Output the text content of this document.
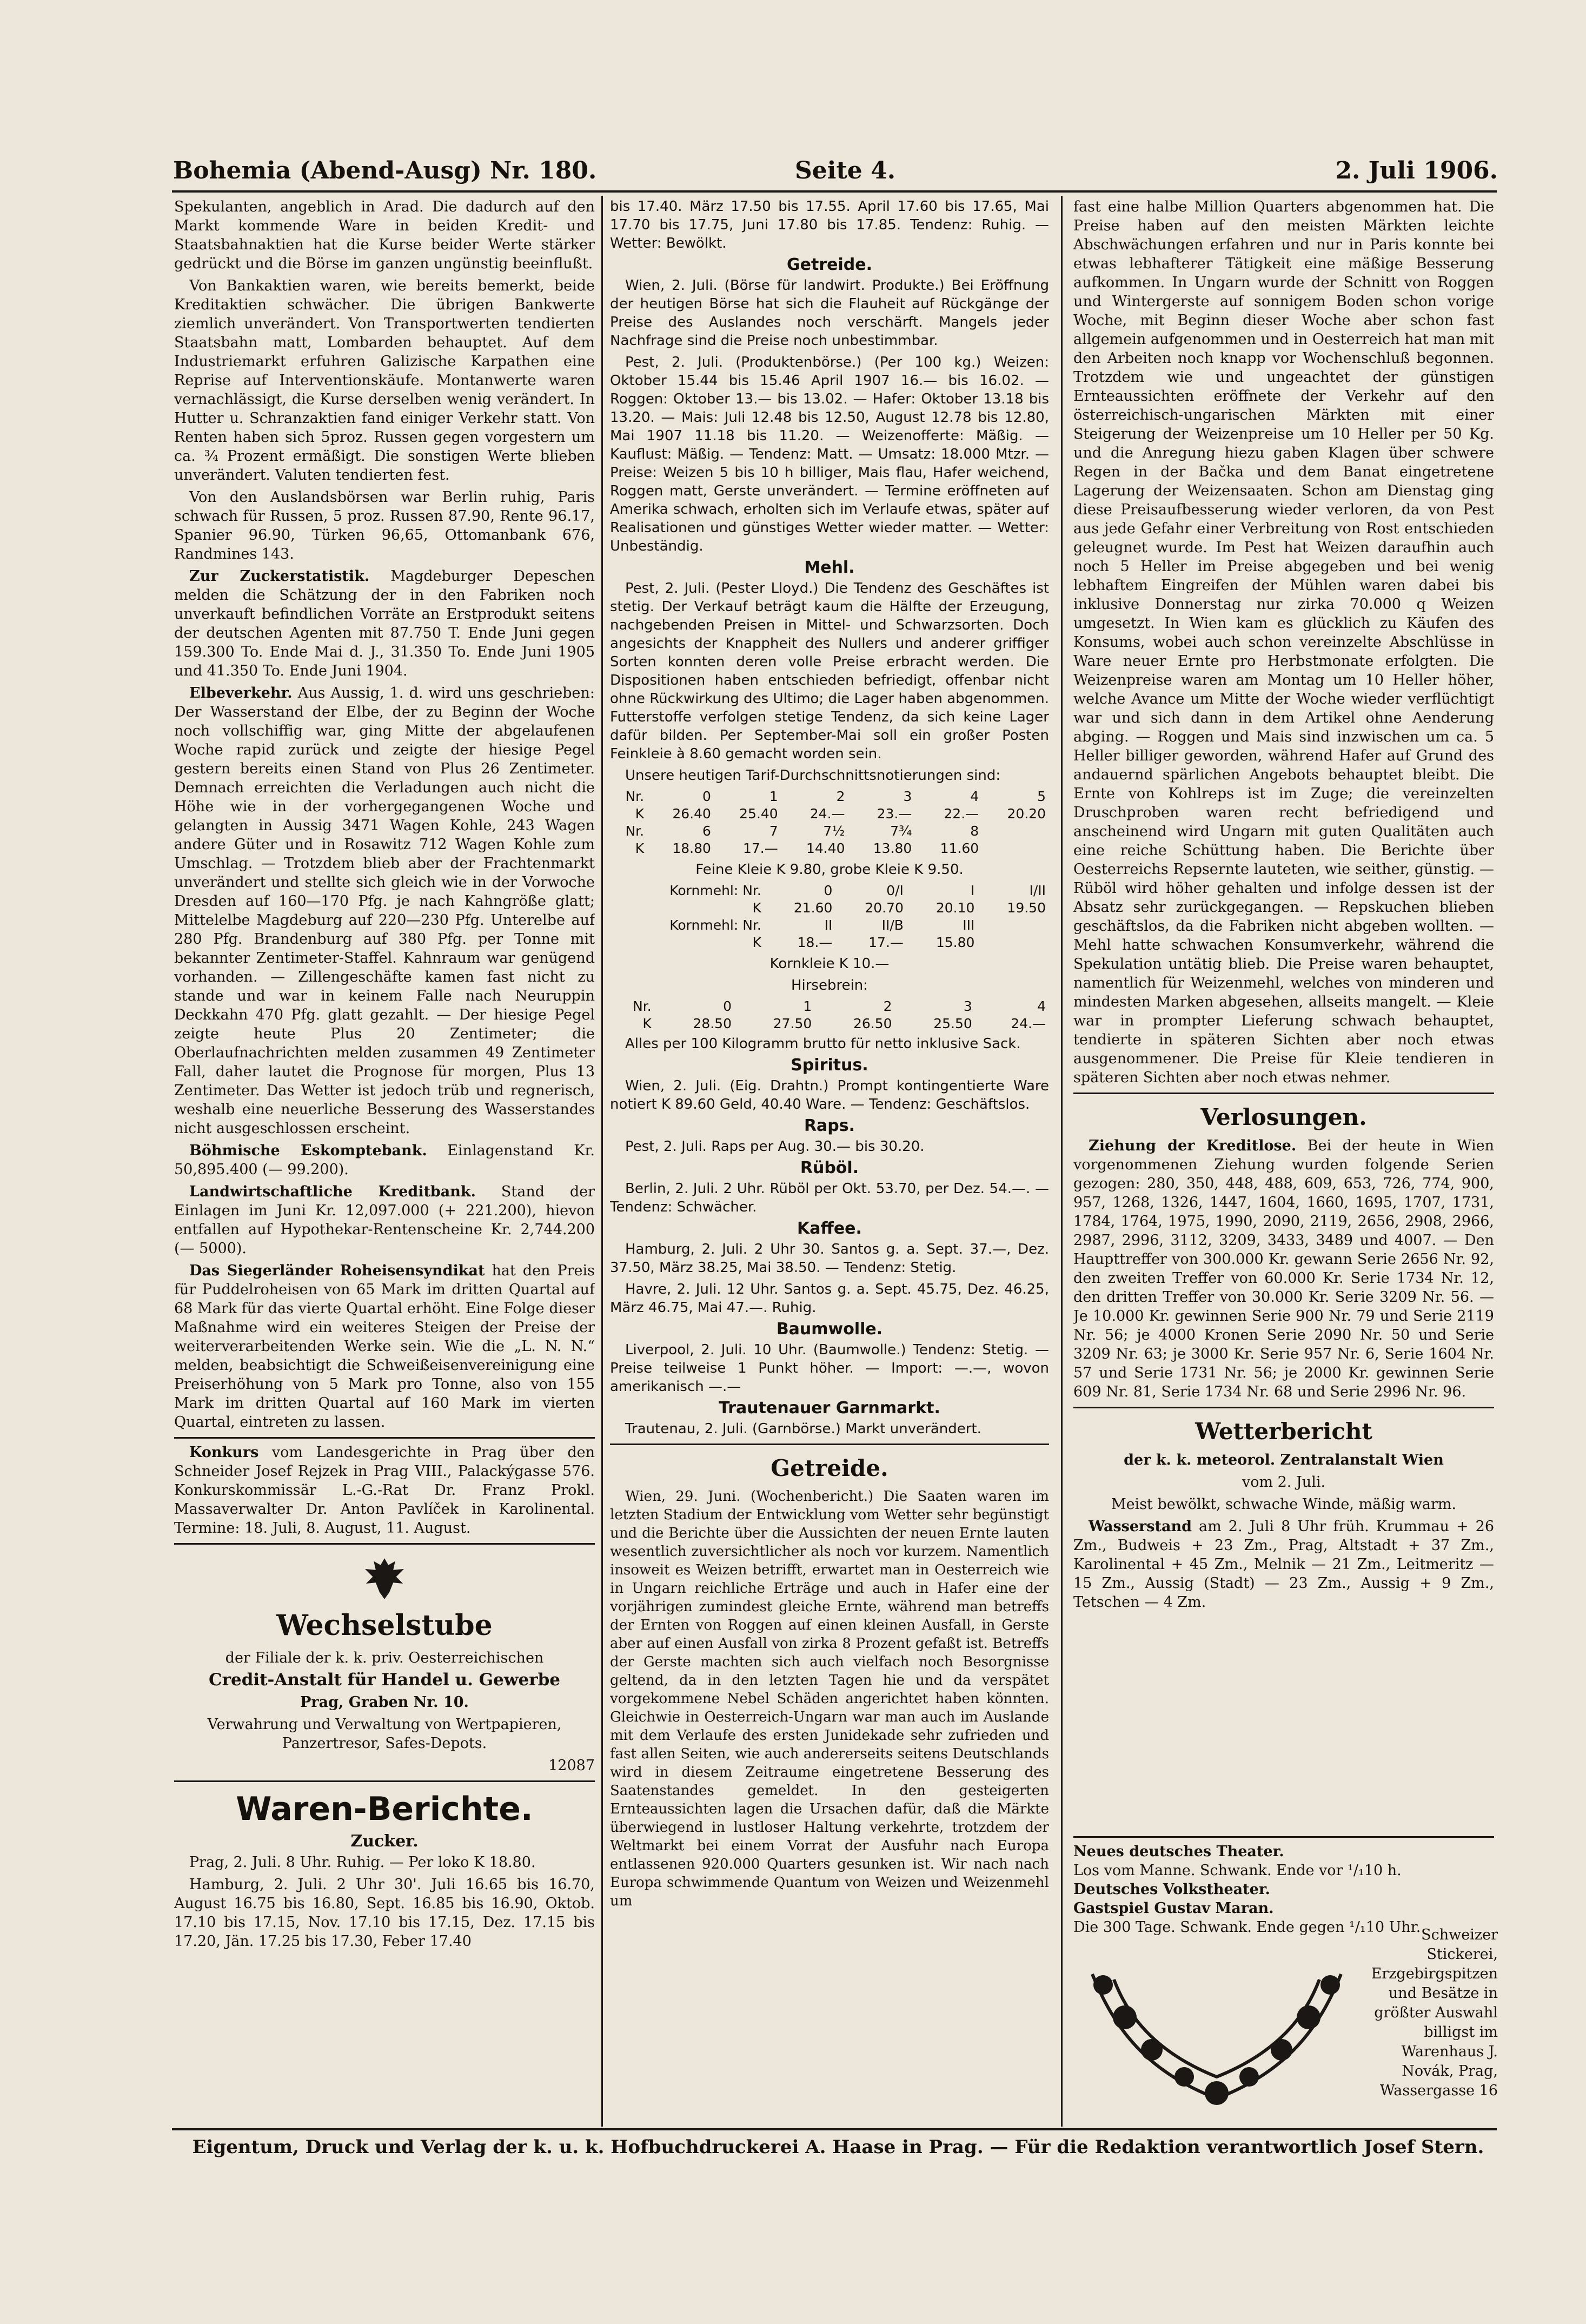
Bohemia (Abend-Ausg) Nr. 180.	Seite 4.	2. Juli 1906.

Spekulanten, angeblich in Arad. Die dadurch auf den Markt kommende Ware in beiden Kredit- und Staatsbahnaktien hat die Kurse beider Werte stärker gedrückt und die Börse im ganzen ungünstig beeinflußt.

Von Bankaktien waren, wie bereits bemerkt, beide Kreditaktien schwächer. Die übrigen Bankwerte ziemlich unverändert. Von Transportwerten tendierten Staatsbahn matt, Lombarden behauptet. Auf dem Industriemarkt erfuhren Galizische Karpathen eine Reprise auf Interventionskäufe. Montanwerte waren vernachlässigt, die Kurse derselben wenig verändert. In Hutter u. Schranzaktien fand einiger Verkehr statt. Von Renten haben sich 5proz. Russen gegen vorgestern um ca. ¾ Prozent ermäßigt. Die sonstigen Werte blieben unverändert. Valuten tendierten fest.

Von den Auslandsbörsen war Berlin ruhig, Paris schwach für Russen, 5 proz. Russen 87.90, Rente 96.17, Spanier 96.90, Türken 96,65, Ottomanbank 676, Randmines 143.

Zur Zuckerstatistik. Magdeburger Depeschen melden die Schätzung der in den Fabriken noch unverkauft befindlichen Vorräte an Erstprodukt seitens der deutschen Agenten mit 87.750 T. Ende Juni gegen 159.300 To. Ende Mai d. J., 31.350 To. Ende Juni 1905 und 41.350 To. Ende Juni 1904.

Elbeverkehr. Aus Aussig, 1. d. wird uns geschrieben: Der Wasserstand der Elbe, der zu Beginn der Woche noch vollschiffig war, ging Mitte der abgelaufenen Woche rapid zurück und zeigte der hiesige Pegel gestern bereits einen Stand von Plus 26 Zentimeter. Demnach erreichten die Verladungen auch nicht die Höhe wie in der vorhergegangenen Woche und gelangten in Aussig 3471 Wagen Kohle, 243 Wagen andere Güter und in Rosawitz 712 Wagen Kohle zum Umschlag. — Trotzdem blieb aber der Frachtenmarkt unverändert und stellte sich gleich wie in der Vorwoche Dresden auf 160—170 Pfg. je nach Kahngröße glatt; Mittelelbe Magdeburg auf 220—230 Pfg. Unterelbe auf 280 Pfg. Brandenburg auf 380 Pfg. per Tonne mit bekannter Zentimeter-Staffel. Kahnraum war genügend vorhanden. — Zillengeschäfte kamen fast nicht zu stande und war in keinem Falle nach Neuruppin Deckkahn 470 Pfg. glatt gezahlt. — Der hiesige Pegel zeigte heute Plus 20 Zentimeter; die Oberlaufnachrichten melden zusammen 49 Zentimeter Fall, daher lautet die Prognose für morgen, Plus 13 Zentimeter. Das Wetter ist jedoch trüb und regnerisch, weshalb eine neuerliche Besserung des Wasserstandes nicht ausgeschlossen erscheint.

Böhmische Eskomptebank. Einlagenstand Kr. 50,895.400 (— 99.200).

Landwirtschaftliche Kreditbank. Stand der Einlagen im Juni Kr. 12,097.000 (+ 221.200), hievon entfallen auf Hypothekar-Rentenscheine Kr. 2,744.200 (— 5000).

Das Siegerländer Roheisensyndikat hat den Preis für Puddelroheisen von 65 Mark im dritten Quartal auf 68 Mark für das vierte Quartal erhöht. Eine Folge dieser Maßnahme wird ein weiteres Steigen der Preise der weiterverarbeitenden Werke sein. Wie die „L. N. N.“ melden, beabsichtigt die Schweißeisenvereinigung eine Preiserhöhung von 5 Mark pro Tonne, also von 155 Mark im dritten Quartal auf 160 Mark im vierten Quartal, eintreten zu lassen.

Konkurs vom Landesgerichte in Prag über den Schneider Josef Rejzek in Prag VIII., Palackýgasse 576. Konkurskommissär L.-G.-Rat Dr. Franz Prokl. Massaverwalter Dr. Anton Pavlíček in Karolinental. Termine: 18. Juli, 8. August, 11. August.

Wechselstube
der Filiale der k. k. priv. Oesterreichischen
Credit-Anstalt für Handel u. Gewerbe
Prag, Graben Nr. 10.
Verwahrung und Verwaltung von Wertpapieren, Panzertresor, Safes-Depots.
12087
Waren-Berichte.
Zucker.

Prag, 2. Juli. 8 Uhr. Ruhig. — Per loko K 18.80.

Hamburg, 2. Juli. 2 Uhr 30'. Juli 16.65 bis 16.70, August 16.75 bis 16.80, Sept. 16.85 bis 16.90, Oktob. 17.10 bis 17.15, Nov. 17.10 bis 17.15, Dez. 17.15 bis 17.20, Jän. 17.25 bis 17.30, Feber 17.40

bis 17.40. März 17.50 bis 17.55. April 17.60 bis 17.65, Mai 17.70 bis 17.75, Juni 17.80 bis 17.85. Tendenz: Ruhig. — Wetter: Bewölkt.

Getreide.

Wien, 2. Juli. (Börse für landwirt. Produkte.) Bei Eröffnung der heutigen Börse hat sich die Flauheit auf Rückgänge der Preise des Auslandes noch verschärft. Mangels jeder Nachfrage sind die Preise noch unbestimmbar.

Pest, 2. Juli. (Produktenbörse.) (Per 100 kg.) Weizen: Oktober 15.44 bis 15.46 April 1907 16.— bis 16.02. — Roggen: Oktober 13.— bis 13.02. — Hafer: Oktober 13.18 bis 13.20. — Mais: Juli 12.48 bis 12.50, August 12.78 bis 12.80, Mai 1907 11.18 bis 11.20. — Weizenofferte: Mäßig. — Kauflust: Mäßig. — Tendenz: Matt. — Umsatz: 18.000 Mtzr. — Preise: Weizen 5 bis 10 h billiger, Mais flau, Hafer weichend, Roggen matt, Gerste unverändert. — Termine eröffneten auf Amerika schwach, erholten sich im Verlaufe etwas, später auf Realisationen und günstiges Wetter wieder matter. — Wetter: Unbeständig.

Mehl.

Pest, 2. Juli. (Pester Lloyd.) Die Tendenz des Geschäftes ist stetig. Der Verkauf beträgt kaum die Hälfte der Erzeugung, nachgebenden Preisen in Mittel- und Schwarzsorten. Doch angesichts der Knappheit des Nullers und anderer griffiger Sorten konnten deren volle Preise erbracht werden. Die Dispositionen haben entschieden befriedigt, offenbar nicht ohne Rückwirkung des Ultimo; die Lager haben abgenommen. Futterstoffe verfolgen stetige Tendenz, da sich keine Lager dafür bilden. Per September-Mai soll ein großer Posten Feinkleie à 8.60 gemacht worden sein.

Unsere heutigen Tarif-Durchschnittsnotierungen sind:

Nr.	0	1	2	3	4	5
K	26.40	25.40	24.—	23.—	22.—	20.20
Nr.	6	7	7½	7¾	8	
K	18.80	17.—	14.40	13.80	11.60	
Feine Kleie K 9.80, grobe Kleie K 9.50.
Kornmehl: Nr.	0	0/I	I	I/II
K	21.60	20.70	20.10	19.50
Kornmehl: Nr.	II	II/B	III	
K	18.—	17.—	15.80	
Kornkleie K 10.—
Hirsebrein:
Nr.	0	1	2	3	4
K	28.50	27.50	26.50	25.50	24.—

Alles per 100 Kilogramm brutto für netto inklusive Sack.

Spiritus.

Wien, 2. Juli. (Eig. Drahtn.) Prompt kontingentierte Ware notiert K 89.60 Geld, 40.40 Ware. — Tendenz: Geschäftslos.

Raps.

Pest, 2. Juli. Raps per Aug. 30.— bis 30.20.

Rüböl.

Berlin, 2. Juli. 2 Uhr. Rüböl per Okt. 53.70, per Dez. 54.—. — Tendenz: Schwächer.

Kaffee.

Hamburg, 2. Juli. 2 Uhr 30. Santos g. a. Sept. 37.—, Dez. 37.50, März 38.25, Mai 38.50. — Tendenz: Stetig.

Havre, 2. Juli. 12 Uhr. Santos g. a. Sept. 45.75, Dez. 46.25, März 46.75, Mai 47.—. Ruhig.

Baumwolle.

Liverpool, 2. Juli. 10 Uhr. (Baumwolle.) Tendenz: Stetig. — Preise teilweise 1 Punkt höher. — Import: —.—, wovon amerikanisch —.—

Trautenauer Garnmarkt.

Trautenau, 2. Juli. (Garnbörse.) Markt unverändert.

Getreide.

Wien, 29. Juni. (Wochenbericht.) Die Saaten waren im letzten Stadium der Entwicklung vom Wetter sehr begünstigt und die Berichte über die Aussichten der neuen Ernte lauten wesentlich zuversichtlicher als noch vor kurzem. Namentlich insoweit es Weizen betrifft, erwartet man in Oesterreich wie in Ungarn reichliche Erträge und auch in Hafer eine der vorjährigen zumindest gleiche Ernte, während man betreffs der Ernten von Roggen auf einen kleinen Ausfall, in Gerste aber auf einen Ausfall von zirka 8 Prozent gefaßt ist. Betreffs der Gerste machten sich auch vielfach noch Besorgnisse geltend, da in den letzten Tagen hie und da verspätet vorgekommene Nebel Schäden angerichtet haben könnten. Gleichwie in Oesterreich-Ungarn war man auch im Auslande mit dem Verlaufe des ersten Junidekade sehr zufrieden und fast allen Seiten, wie auch andererseits seitens Deutschlands wird in diesem Zeitraume eingetretene Besserung des Saatenstandes gemeldet. In den gesteigerten Ernteaussichten lagen die Ursachen dafür, daß die Märkte überwiegend in lustloser Haltung verkehrte, trotzdem der Weltmarkt bei einem Vorrat der Ausfuhr nach Europa entlassenen 920.000 Quarters gesunken ist. Wir nach nach Europa schwimmende Quantum von Weizen und Weizenmehl um

fast eine halbe Million Quarters abgenommen hat. Die Preise haben auf den meisten Märkten leichte Abschwächungen erfahren und nur in Paris konnte bei etwas lebhafterer Tätigkeit eine mäßige Besserung aufkommen. In Ungarn wurde der Schnitt von Roggen und Wintergerste auf sonnigem Boden schon vorige Woche, mit Beginn dieser Woche aber schon fast allgemein aufgenommen und in Oesterreich hat man mit den Arbeiten noch knapp vor Wochenschluß begonnen. Trotzdem wie und ungeachtet der günstigen Ernteaussichten eröffnete der Verkehr auf den österreichisch-ungarischen Märkten mit einer Steigerung der Weizenpreise um 10 Heller per 50 Kg. und die Anregung hiezu gaben Klagen über schwere Regen in der Bačka und dem Banat eingetretene Lagerung der Weizensaaten. Schon am Dienstag ging diese Preisaufbesserung wieder verloren, da von Pest aus jede Gefahr einer Verbreitung von Rost entschieden geleugnet wurde. Im Pest hat Weizen daraufhin auch noch 5 Heller im Preise abgegeben und bei wenig lebhaftem Eingreifen der Mühlen waren dabei bis inklusive Donnerstag nur zirka 70.000 q Weizen umgesetzt. In Wien kam es glücklich zu Käufen des Konsums, wobei auch schon vereinzelte Abschlüsse in Ware neuer Ernte pro Herbstmonate erfolgten. Die Weizenpreise waren am Montag um 10 Heller höher, welche Avance um Mitte der Woche wieder verflüchtigt war und sich dann in dem Artikel ohne Aenderung abging. — Roggen und Mais sind inzwischen um ca. 5 Heller billiger geworden, während Hafer auf Grund des andauernd spärlichen Angebots behauptet bleibt. Die Ernte von Kohlreps ist im Zuge; die vereinzelten Druschproben waren recht befriedigend und anscheinend wird Ungarn mit guten Qualitäten auch eine reiche Schüttung haben. Die Berichte über Oesterreichs Repsernte lauteten, wie seither, günstig. — Rüböl wird höher gehalten und infolge dessen ist der Absatz sehr zurückgegangen. — Repskuchen blieben geschäftslos, da die Fabriken nicht abgeben wollten. — Mehl hatte schwachen Konsumverkehr, während die Spekulation untätig blieb. Die Preise waren behauptet, namentlich für Weizenmehl, welches von minderen und mindesten Marken abgesehen, allseits mangelt. — Kleie war in prompter Lieferung schwach behauptet, tendierte in späteren Sichten aber noch etwas ausgenommener. Die Preise für Kleie tendieren in späteren Sichten aber noch etwas nehmer.

Verlosungen.

Ziehung der Kreditlose. Bei der heute in Wien vorgenommenen Ziehung wurden folgende Serien gezogen: 280, 350, 448, 488, 609, 653, 726, 774, 900, 957, 1268, 1326, 1447, 1604, 1660, 1695, 1707, 1731, 1784, 1764, 1975, 1990, 2090, 2119, 2656, 2908, 2966, 2987, 2996, 3112, 3209, 3433, 3489 und 4007. — Den Haupttreffer von 300.000 Kr. gewann Serie 2656 Nr. 92, den zweiten Treffer von 60.000 Kr. Serie 1734 Nr. 12, den dritten Treffer von 30.000 Kr. Serie 3209 Nr. 56. — Je 10.000 Kr. gewinnen Serie 900 Nr. 79 und Serie 2119 Nr. 56; je 4000 Kronen Serie 2090 Nr. 50 und Serie 3209 Nr. 63; je 3000 Kr. Serie 957 Nr. 6, Serie 1604 Nr. 57 und Serie 1731 Nr. 56; je 2000 Kr. gewinnen Serie 609 Nr. 81, Serie 1734 Nr. 68 und Serie 2996 Nr. 96.

Wetterbericht
der k. k. meteorol. Zentralanstalt Wien
vom 2. Juli.
Meist bewölkt, schwache Winde, mäßig warm.

Wasserstand am 2. Juli 8 Uhr früh. Krummau + 26 Zm., Budweis + 23 Zm., Prag, Altstadt + 37 Zm., Karolinental + 45 Zm., Melnik — 21 Zm., Leitmeritz — 15 Zm., Aussig (Stadt) — 23 Zm., Aussig + 9 Zm., Tetschen — 4 Zm.

Neues deutsches Theater.
Los vom Manne. Schwank. Ende vor ¹/₁10 h.
Deutsches Volkstheater.
Gastspiel Gustav Maran.
Die 300 Tage. Schwank. Ende gegen ¹/₁10 Uhr. Schweizer Stickerei, Erzgebirgspitzen und Besätze in größter Auswahl billigst im Warenhaus J. Novák, Prag, Wassergasse 16
Eigentum, Druck und Verlag der k. u. k. Hofbuchdruckerei A. Haase in Prag. — Für die Redaktion verantwortlich Josef Stern.
